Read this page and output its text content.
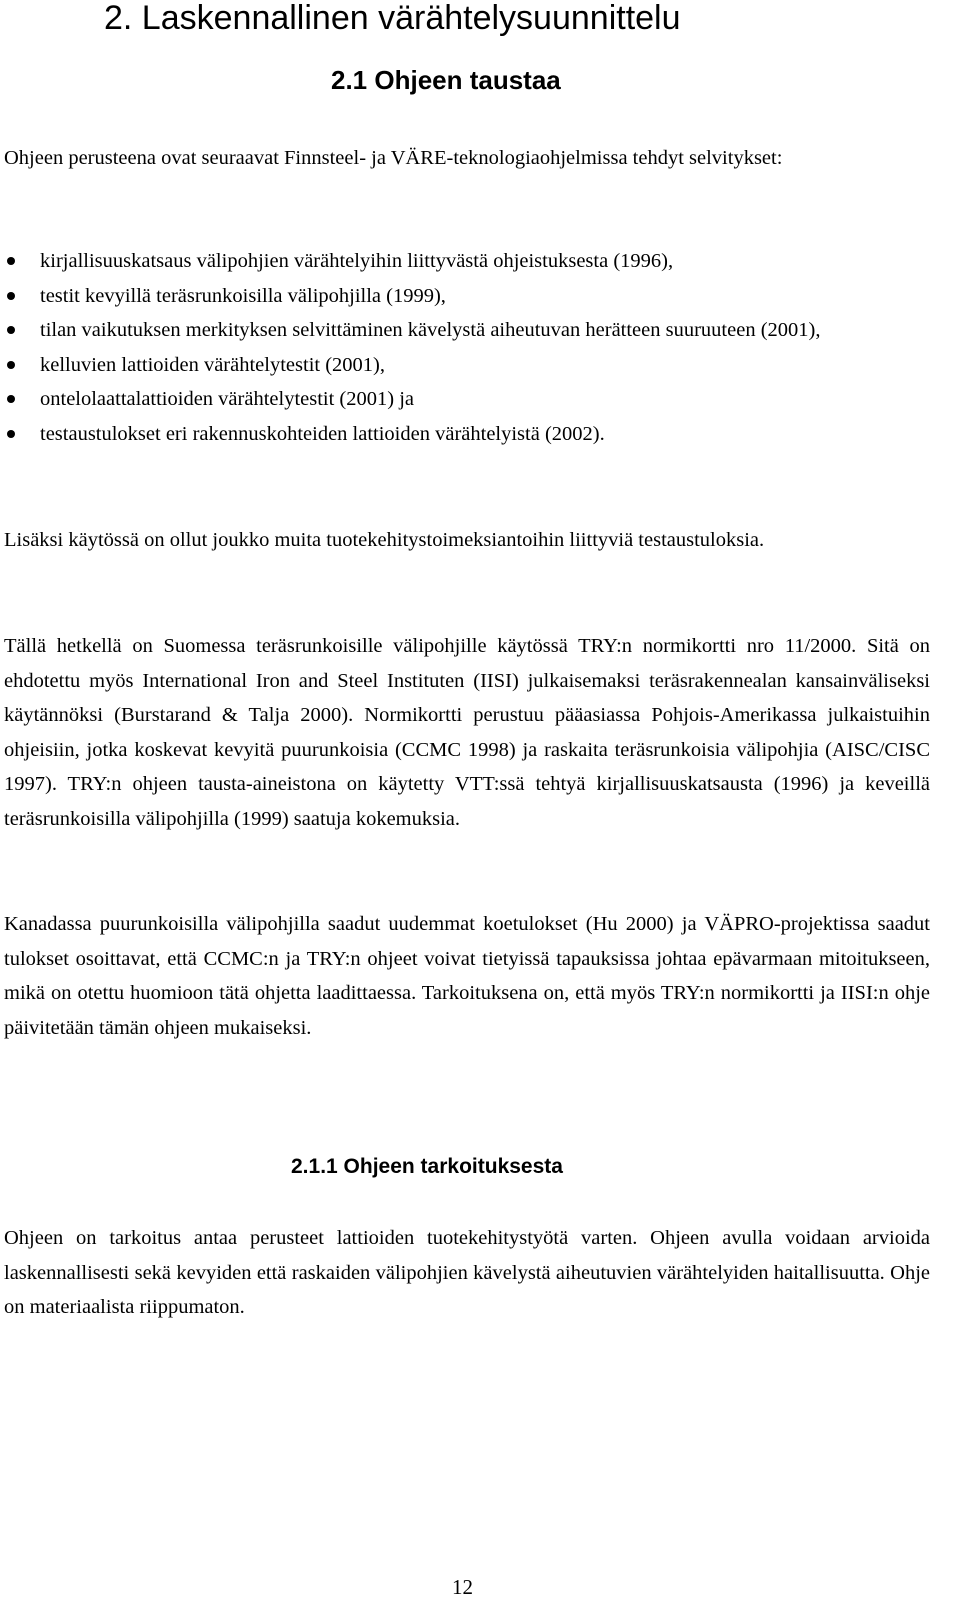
2. Laskennallinen värähtelysuunnittelu
2.1 Ohjeen taustaa

Ohjeen perusteena ovat seuraavat Finnsteel- ja VÄRE-teknologiaohjelmissa tehdyt selvitykset:

kirjallisuuskatsaus välipohjien värähtelyihin liittyvästä ohjeistuksesta (1996),
testit kevyillä teräsrunkoisilla välipohjilla (1999),
tilan vaikutuksen merkityksen selvittäminen kävelystä aiheutuvan herätteen suuruuteen (2001),
kelluvien lattioiden värähtelytestit (2001),
ontelolaattalattioiden värähtelytestit (2001) ja
testaustulokset eri rakennuskohteiden lattioiden värähtelyistä (2002).

Lisäksi käytössä on ollut joukko muita tuotekehitystoimeksiantoihin liittyviä testaustuloksia.

Tällä hetkellä on Suomessa teräsrunkoisille välipohjille käytössä TRY:n normikortti nro 11/2000. Sitä on ehdotettu myös International Iron and Steel Instituten (IISI) julkaisemaksi teräsrakennealan kansainväliseksi käytännöksi (Burstarand & Talja 2000). Normikortti perustuu pääasiassa Pohjois-Amerikassa julkaistuihin ohjeisiin, jotka koskevat kevyitä puurunkoisia (CCMC 1998) ja raskaita teräsrunkoisia välipohjia (AISC/CISC 1997). TRY:n ohjeen tausta-aineistona on käytetty VTT:ssä tehtyä kirjallisuuskatsausta (1996) ja keveillä teräsrunkoisilla välipohjilla (1999) saatuja kokemuksia.

Kanadassa puurunkoisilla välipohjilla saadut uudemmat koetulokset (Hu 2000) ja VÄPRO-projektissa saadut tulokset osoittavat, että CCMC:n ja TRY:n ohjeet voivat tietyissä tapauksissa johtaa epävarmaan mitoitukseen, mikä on otettu huomioon tätä ohjetta laadittaessa. Tarkoituksena on, että myös TRY:n normikortti ja IISI:n ohje päivitetään tämän ohjeen mukaiseksi.

2.1.1 Ohjeen tarkoituksesta

Ohjeen on tarkoitus antaa perusteet lattioiden tuotekehitystyötä varten. Ohjeen avulla voidaan arvioida laskennallisesti sekä kevyiden että raskaiden välipohjien kävelystä aiheutuvien värähtelyiden haitallisuutta. Ohje on materiaalista riippumaton.

12
